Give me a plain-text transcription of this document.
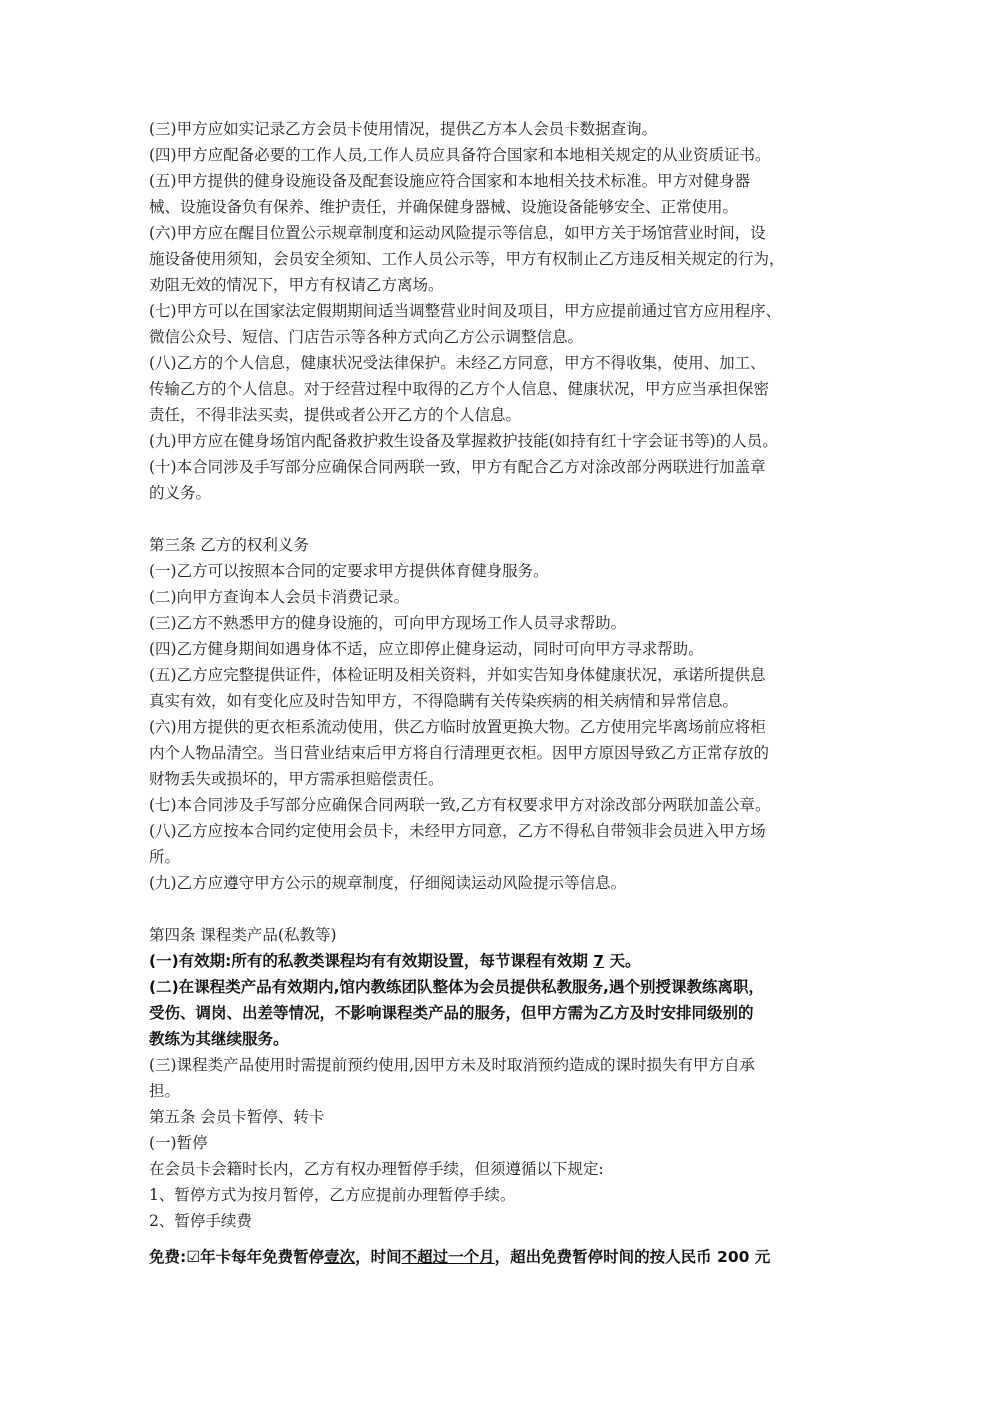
(三)甲方应如实记录乙方会员卡使用情况，提供乙方本人会员卡数据查询。
(四)甲方应配备必要的工作人员,工作人员应具备符合国家和本地相关规定的从业资质证书。
(五)甲方提供的健身设施设备及配套设施应符合国家和本地相关技术标准。甲方对健身器
械、设施设备负有保养、维护责任，并确保健身器械、设施设备能够安全、正常使用。
(六)甲方应在醒目位置公示规章制度和运动风险提示等信息，如甲方关于场馆营业时间，设
施设备使用须知，会员安全须知、工作人员公示等，甲方有权制止乙方违反相关规定的行为，
劝阻无效的情况下，甲方有权请乙方离场。
(七)甲方可以在国家法定假期期间适当调整营业时间及项目，甲方应提前通过官方应用程序、
微信公众号、短信、门店告示等各种方式向乙方公示调整信息。
(八)乙方的个人信息，健康状况受法律保护。未经乙方同意，甲方不得收集，使用、加工、
传输乙方的个人信息。对于经营过程中取得的乙方个人信息、健康状况，甲方应当承担保密
责任，不得非法买卖，提供或者公开乙方的个人信息。
(九)甲方应在健身场馆内配备救护救生设备及掌握救护技能(如持有红十字会证书等)的人员。
(十)本合同涉及手写部分应确保合同两联一致，甲方有配合乙方对涂改部分两联进行加盖章
的义务。
第三条 乙方的权利义务
(一)乙方可以按照本合同的定要求甲方提供体育健身服务。
(二)向甲方查询本人会员卡消费记录。
(三)乙方不熟悉甲方的健身设施的，可向甲方现场工作人员寻求帮助。
(四)乙方健身期间如遇身体不适，应立即停止健身运动，同时可向甲方寻求帮助。
(五)乙方应完整提供证件，体检证明及相关资料，并如实告知身体健康状况，承诺所提供息
真实有效，如有变化应及时告知甲方，不得隐瞒有关传染疾病的相关病情和异常信息。
(六)用方提供的更衣柜系流动使用，供乙方临时放置更换大物。乙方使用完毕离场前应将柜
内个人物品清空。当日营业结束后甲方将自行清理更衣柜。因甲方原因导致乙方正常存放的
财物丢失或损坏的，甲方需承担赔偿责任。
(七)本合同涉及手写部分应确保合同两联一致,乙方有权要求甲方对涂改部分两联加盖公章。
(八)乙方应按本合同约定使用会员卡，未经甲方同意，乙方不得私自带领非会员进入甲方场
所。
(九)乙方应遵守甲方公示的规章制度，仔细阅读运动风险提示等信息。
第四条 课程类产品(私教等)
(一)有效期:所有的私教类课程均有有效期设置，每节课程有效期 7 天。
(二)在课程类产品有效期内,馆内教练团队整体为会员提供私教服务,遇个别授课教练离职，
受伤、调岗、出差等情况，不影响课程类产品的服务，但甲方需为乙方及时安排同级别的
教练为其继续服务。
(三)课程类产品使用时需提前预约使用,因甲方未及时取消预约造成的课时损失有甲方自承
担。
第五条 会员卡暂停、转卡
(一)暂停
在会员卡会籍时长内，乙方有权办理暂停手续，但须遵循以下规定:
1、暂停方式为按月暂停，乙方应提前办理暂停手续。
2、暂停手续费
免费:☑年卡每年免费暂停壹次，时间不超过一个月，超出免费暂停时间的按人民币 200 元
